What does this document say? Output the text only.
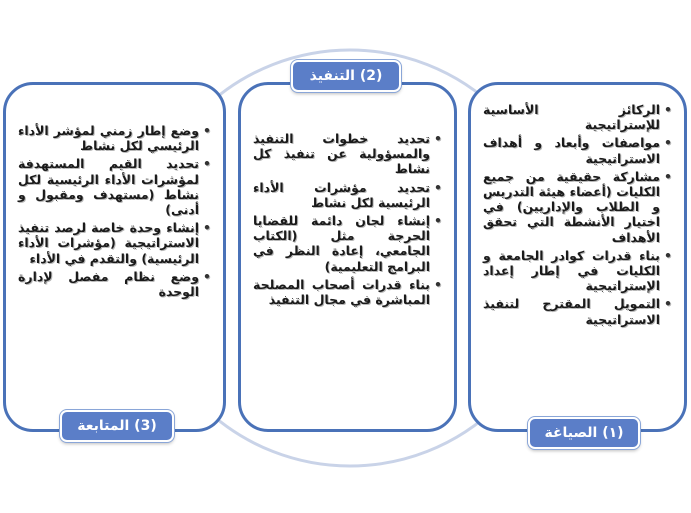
• الركائز الأساسية للإستراتيجية
• مواصفات وأبعاد و أهداف الاستراتيجية
• مشاركة حقيقية من جميع الكليات (أعضاء هيئة التدريس و الطلاب والإداريين) في اختيار الأنشطة التي تحقق الأهداف
• بناء قدرات كوادر الجامعة و الكليات في إطار إعداد الإستراتيجية
• التمويل المقترح لتنفيذ الاستراتيجية
• تحديد خطوات التنفيذ والمسؤولية عن تنفيذ كل نشاط
• تحديد مؤشرات الأداء الرئيسية لكل نشاط
• إنشاء لجان دائمة للقضايا الحرجة مثل (الكتاب الجامعي، إعادة النظر في البرامج التعليمية)
• بناء قدرات أصحاب المصلحة المباشرة في مجال التنفيذ
• وضع إطار زمني لمؤشر الأداء الرئيسي لكل نشاط
• تحديد القيم المستهدفة لمؤشرات الأداء الرئيسية لكل نشاط (مستهدف ومقبول و أدنى)
• إنشاء وحدة خاصة لرصد تنفيذ الاستراتيجية (مؤشرات الأداء الرئيسية) والتقدم في الأداء
• وضع نظام مفصل لإدارة الوحدة
(١) الصياغة
(2) التنفيذ
(3) المتابعة
